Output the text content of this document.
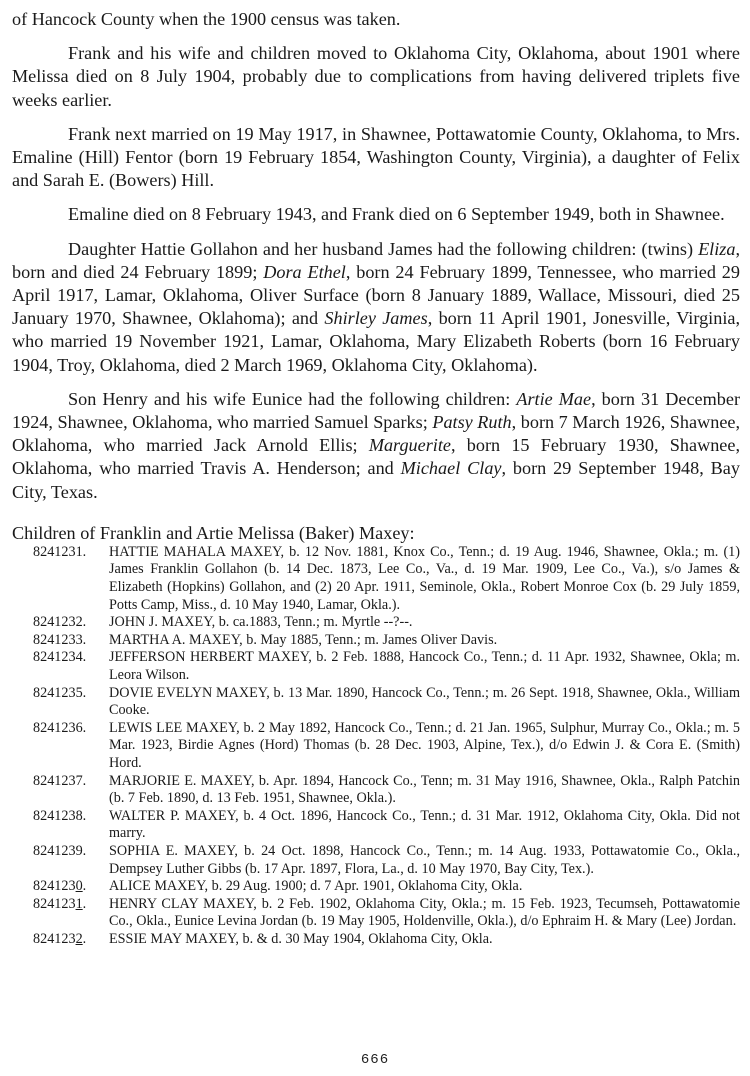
of Hancock County when the 1900 census was taken.

Frank and his wife and children moved to Oklahoma City, Oklahoma, about 1901 where Melissa died on 8 July 1904, probably due to complications from having delivered triplets five weeks earlier.

Frank next married on 19 May 1917, in Shawnee, Pottawatomie County, Oklahoma, to Mrs. Emaline (Hill) Fentor (born 19 February 1854, Washington County, Virginia), a daughter of Felix and Sarah E. (Bowers) Hill.

Emaline died on 8 February 1943, and Frank died on 6 September 1949, both in Shawnee.

Daughter Hattie Gollahon and her husband James had the following children: (twins) Eliza, born and died 24 February 1899; Dora Ethel, born 24 February 1899, Tennessee, who married 29 April 1917, Lamar, Oklahoma, Oliver Surface (born 8 January 1889, Wallace, Missouri, died 25 January 1970, Shawnee, Oklahoma); and Shirley James, born 11 April 1901, Jonesville, Virginia, who married 19 November 1921, Lamar, Oklahoma, Mary Elizabeth Roberts (born 16 February 1904, Troy, Oklahoma, died 2 March 1969, Oklahoma City, Oklahoma).

Son Henry and his wife Eunice had the following children: Artie Mae, born 31 December 1924, Shawnee, Oklahoma, who married Samuel Sparks; Patsy Ruth, born 7 March 1926, Shawnee, Oklahoma, who married Jack Arnold Ellis; Marguerite, born 15 February 1930, Shawnee, Oklahoma, who married Travis A. Henderson; and Michael Clay, born 29 September 1948, Bay City, Texas.

Children of Franklin and Artie Melissa (Baker) Maxey:

8241231.	HATTIE MAHALA MAXEY, b. 12 Nov. 1881, Knox Co., Tenn.; d. 19 Aug. 1946, Shawnee, Okla.; m. (1) James Franklin Gollahon (b. 14 Dec. 1873, Lee Co., Va., d. 19 Mar. 1909, Lee Co., Va.), s/o James & Elizabeth (Hopkins) Gollahon, and (2) 20 Apr. 1911, Seminole, Okla., Robert Monroe Cox (b. 29 July 1859, Potts Camp, Miss., d. 10 May 1940, Lamar, Okla.).
8241232.	JOHN J. MAXEY, b. ca.1883, Tenn.; m. Myrtle --?--.
8241233.	MARTHA A. MAXEY, b. May 1885, Tenn.; m. James Oliver Davis.
8241234.	JEFFERSON HERBERT MAXEY, b. 2 Feb. 1888, Hancock Co., Tenn.; d. 11 Apr. 1932, Shawnee, Okla; m. Leora Wilson.
8241235.	DOVIE EVELYN MAXEY, b. 13 Mar. 1890, Hancock Co., Tenn.; m. 26 Sept. 1918, Shawnee, Okla., William Cooke.
8241236.	LEWIS LEE MAXEY, b. 2 May 1892, Hancock Co., Tenn.; d. 21 Jan. 1965, Sulphur, Murray Co., Okla.; m. 5 Mar. 1923, Birdie Agnes (Hord) Thomas (b. 28 Dec. 1903, Alpine, Tex.), d/o Edwin J. & Cora E. (Smith) Hord.
8241237.	MARJORIE E. MAXEY, b. Apr. 1894, Hancock Co., Tenn; m. 31 May 1916, Shawnee, Okla., Ralph Patchin (b. 7 Feb. 1890, d. 13 Feb. 1951, Shawnee, Okla.).
8241238.	WALTER P. MAXEY, b. 4 Oct. 1896, Hancock Co., Tenn.; d. 31 Mar. 1912, Oklahoma City, Okla. Did not marry.
8241239.	SOPHIA E. MAXEY, b. 24 Oct. 1898, Hancock Co., Tenn.; m. 14 Aug. 1933, Pottawatomie Co., Okla., Dempsey Luther Gibbs (b. 17 Apr. 1897, Flora, La., d. 10 May 1970, Bay City, Tex.).
8241230.	ALICE MAXEY, b. 29 Aug. 1900; d. 7 Apr. 1901, Oklahoma City, Okla.
8241231.	HENRY CLAY MAXEY, b. 2 Feb. 1902, Oklahoma City, Okla.; m. 15 Feb. 1923, Tecumseh, Pottawatomie Co., Okla., Eunice Levina Jordan (b. 19 May 1905, Holdenville, Okla.), d/o Ephraim H. & Mary (Lee) Jordan.
8241232.	ESSIE MAY MAXEY, b. & d. 30 May 1904, Oklahoma City, Okla.
666
